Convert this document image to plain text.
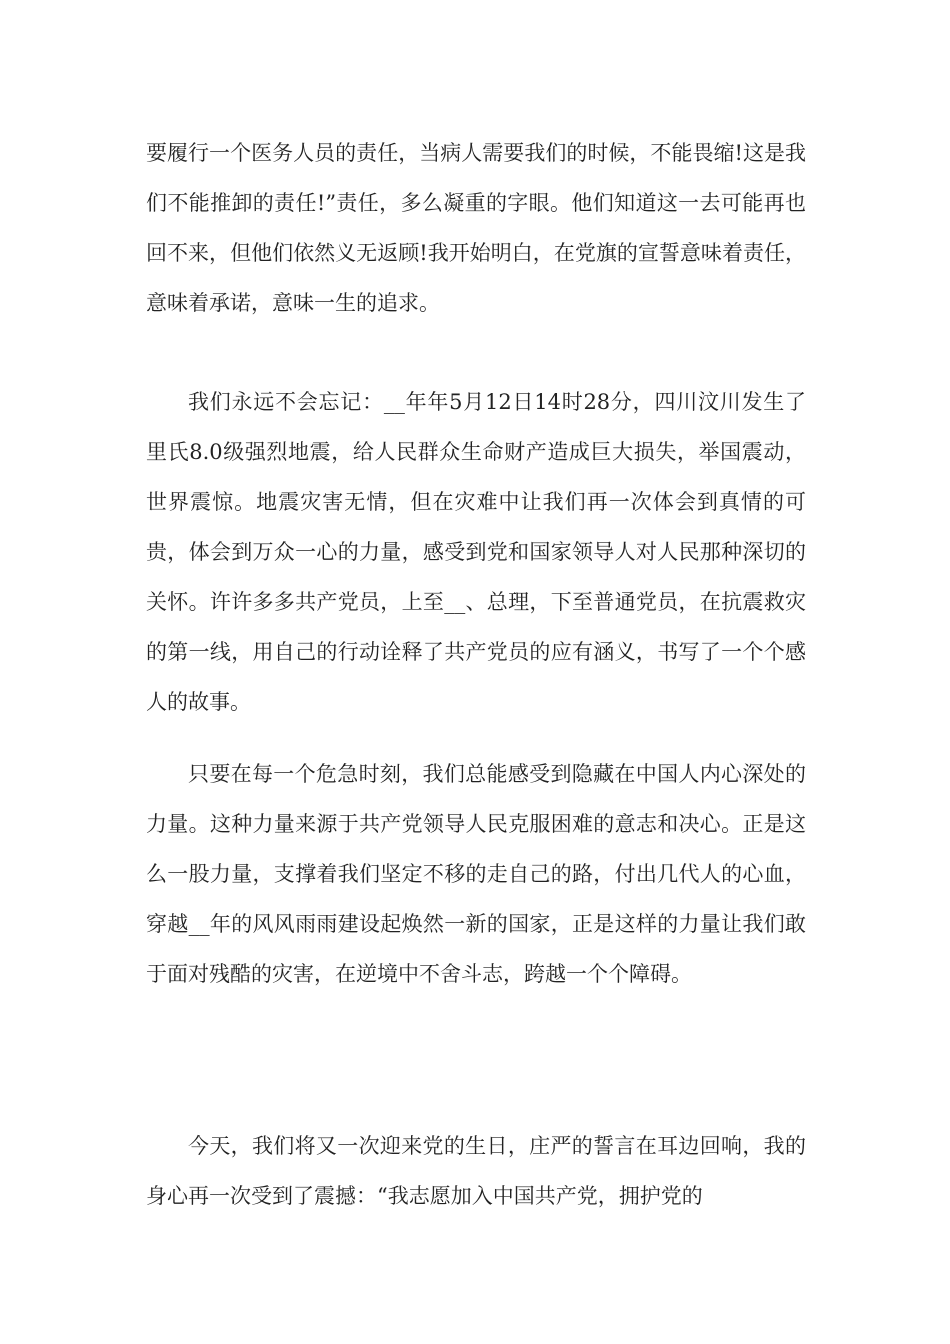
要履行一个医务人员的责任，当病人需要我们的时候，不能畏缩!这是我们不能推卸的责任!”责任，多么凝重的字眼。他们知道这一去可能再也回不来，但他们依然义无返顾!我开始明白，在党旗的宣誓意味着责任，意味着承诺，意味一生的追求。

我们永远不会忘记：__年年5月12日14时28分，四川汶川发生了里氏8.0级强烈地震，给人民群众生命财产造成巨大损失，举国震动，世界震惊。地震灾害无情，但在灾难中让我们再一次体会到真情的可贵，体会到万众一心的力量，感受到党和国家领导人对人民那种深切的关怀。许许多多共产党员，上至__、总理，下至普通党员，在抗震救灾的第一线，用自己的行动诠释了共产党员的应有涵义，书写了一个个感人的故事。

只要在每一个危急时刻，我们总能感受到隐藏在中国人内心深处的力量。这种力量来源于共产党领导人民克服困难的意志和决心。正是这么一股力量，支撑着我们坚定不移的走自己的路，付出几代人的心血，穿越__年的风风雨雨建设起焕然一新的国家，正是这样的力量让我们敢于面对残酷的灾害，在逆境中不舍斗志，跨越一个个障碍。

今天，我们将又一次迎来党的生日，庄严的誓言在耳边回响，我的身心再一次受到了震撼：“我志愿加入中国共产党，拥护党的
